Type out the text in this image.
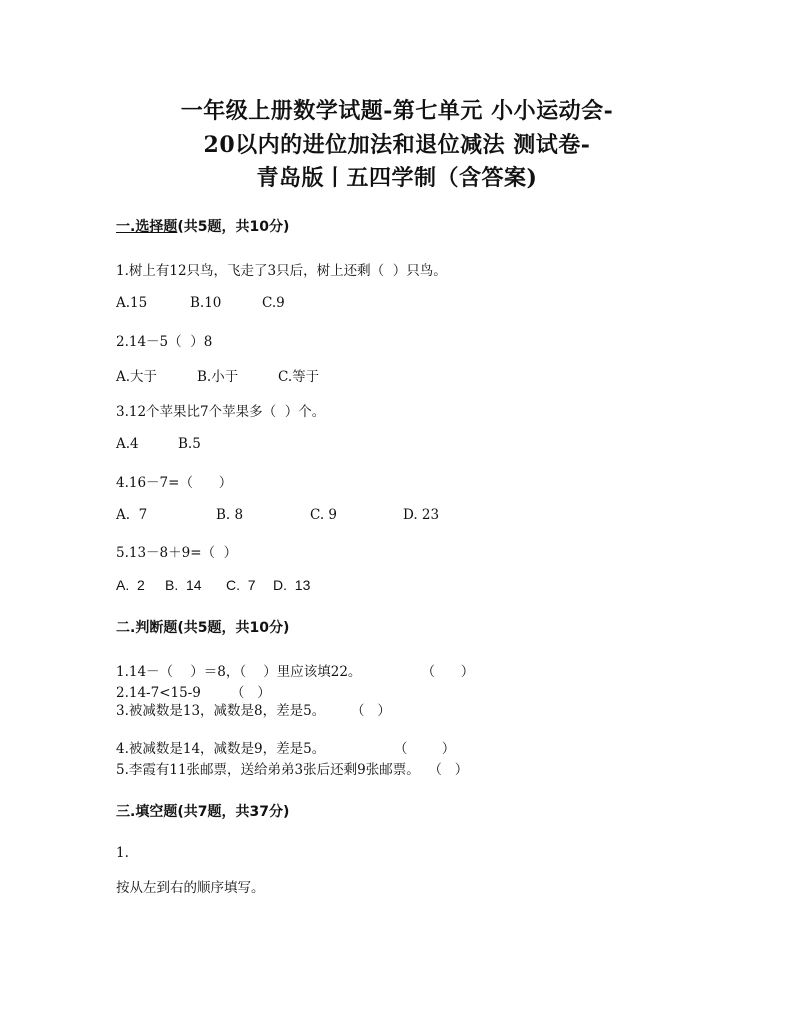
一年级上册数学试题-第七单元 小小运动会-
20以内的进位加法和退位减法 测试卷-
青岛版丨五四学制（含答案)
一.选择题(共5题，共10分)
1.树上有12只鸟，飞走了3只后，树上还剩（  ）只鸟。
A.15	B.10	C.9
2.14－5（  ）8
A.大于	B.小于	C.等于
3.12个苹果比7个苹果多（  ）个。
A.4	B.5
4.16－7=（      ）
A.  7	B. 8	C. 9	D. 23
5.13－8＋9=（  ）
A.  2 B.  14 C.  7 D.  13
二.判断题(共5题，共10分)
1.14－（    ）＝8，（    ）里应该填22。              （      ）
2.14-7<15-9       （   ）
3.被减数是13，减数是8，差是5。      （   ）
4.被减数是14，减数是9，差是5。                （        ）
5.李霞有11张邮票，送给弟弟3张后还剩9张邮票。  （   ）
三.填空题(共7题，共37分)
1.
按从左到右的顺序填写。
